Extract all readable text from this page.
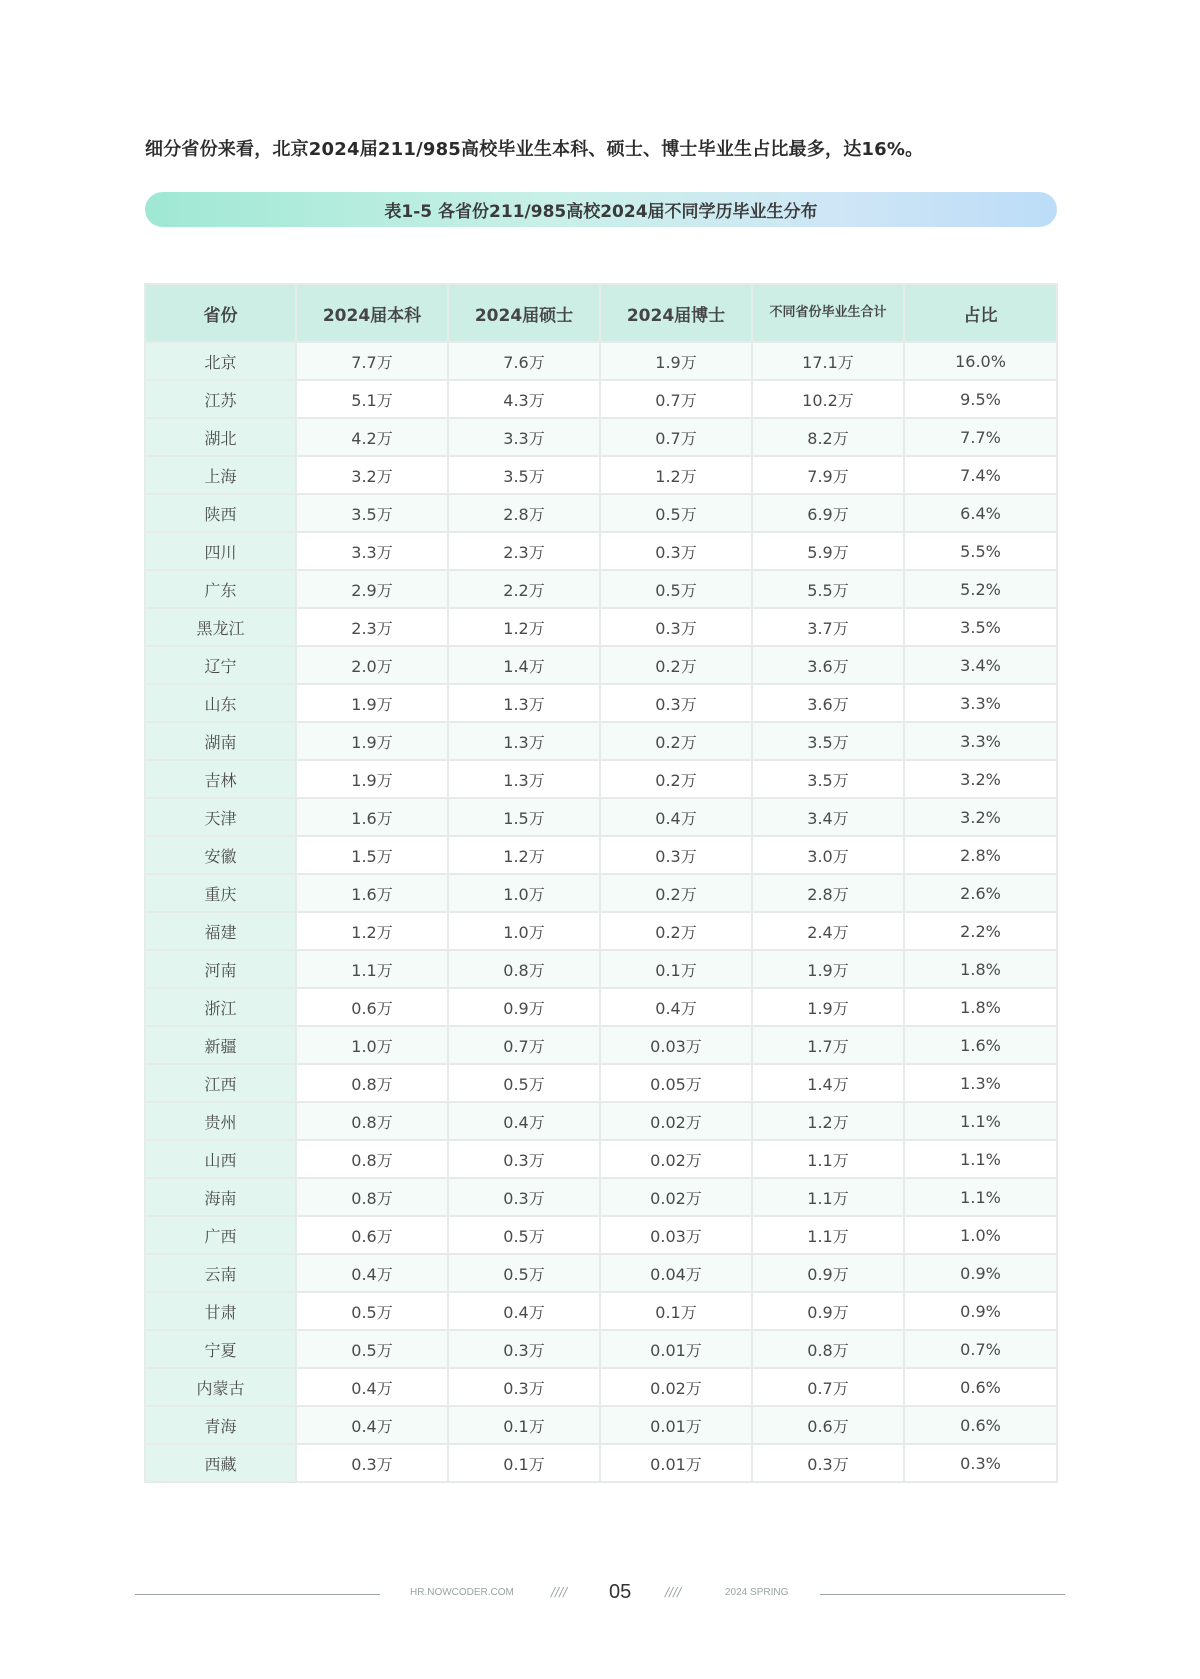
细分省份来看，北京2024届211/985高校毕业生本科、硕士、博士毕业生占比最多，达16%。
表1-5 各省份211/985高校2024届不同学历毕业生分布
省份	2024届本科	2024届硕士	2024届博士	不同省份毕业生合计	占比
北京	7.7万	7.6万	1.9万	17.1万	16.0%
江苏	5.1万	4.3万	0.7万	10.2万	9.5%
湖北	4.2万	3.3万	0.7万	8.2万	7.7%
上海	3.2万	3.5万	1.2万	7.9万	7.4%
陕西	3.5万	2.8万	0.5万	6.9万	6.4%
四川	3.3万	2.3万	0.3万	5.9万	5.5%
广东	2.9万	2.2万	0.5万	5.5万	5.2%
黑龙江	2.3万	1.2万	0.3万	3.7万	3.5%
辽宁	2.0万	1.4万	0.2万	3.6万	3.4%
山东	1.9万	1.3万	0.3万	3.6万	3.3%
湖南	1.9万	1.3万	0.2万	3.5万	3.3%
吉林	1.9万	1.3万	0.2万	3.5万	3.2%
天津	1.6万	1.5万	0.4万	3.4万	3.2%
安徽	1.5万	1.2万	0.3万	3.0万	2.8%
重庆	1.6万	1.0万	0.2万	2.8万	2.6%
福建	1.2万	1.0万	0.2万	2.4万	2.2%
河南	1.1万	0.8万	0.1万	1.9万	1.8%
浙江	0.6万	0.9万	0.4万	1.9万	1.8%
新疆	1.0万	0.7万	0.03万	1.7万	1.6%
江西	0.8万	0.5万	0.05万	1.4万	1.3%
贵州	0.8万	0.4万	0.02万	1.2万	1.1%
山西	0.8万	0.3万	0.02万	1.1万	1.1%
海南	0.8万	0.3万	0.02万	1.1万	1.1%
广西	0.6万	0.5万	0.03万	1.1万	1.0%
云南	0.4万	0.5万	0.04万	0.9万	0.9%
甘肃	0.5万	0.4万	0.1万	0.9万	0.9%
宁夏	0.5万	0.3万	0.01万	0.8万	0.7%
内蒙古	0.4万	0.3万	0.02万	0.7万	0.6%
青海	0.4万	0.1万	0.01万	0.6万	0.6%
西藏	0.3万	0.1万	0.01万	0.3万	0.3%
HR.NOWCODER.COM	//// 05	////	2024 SPRING
